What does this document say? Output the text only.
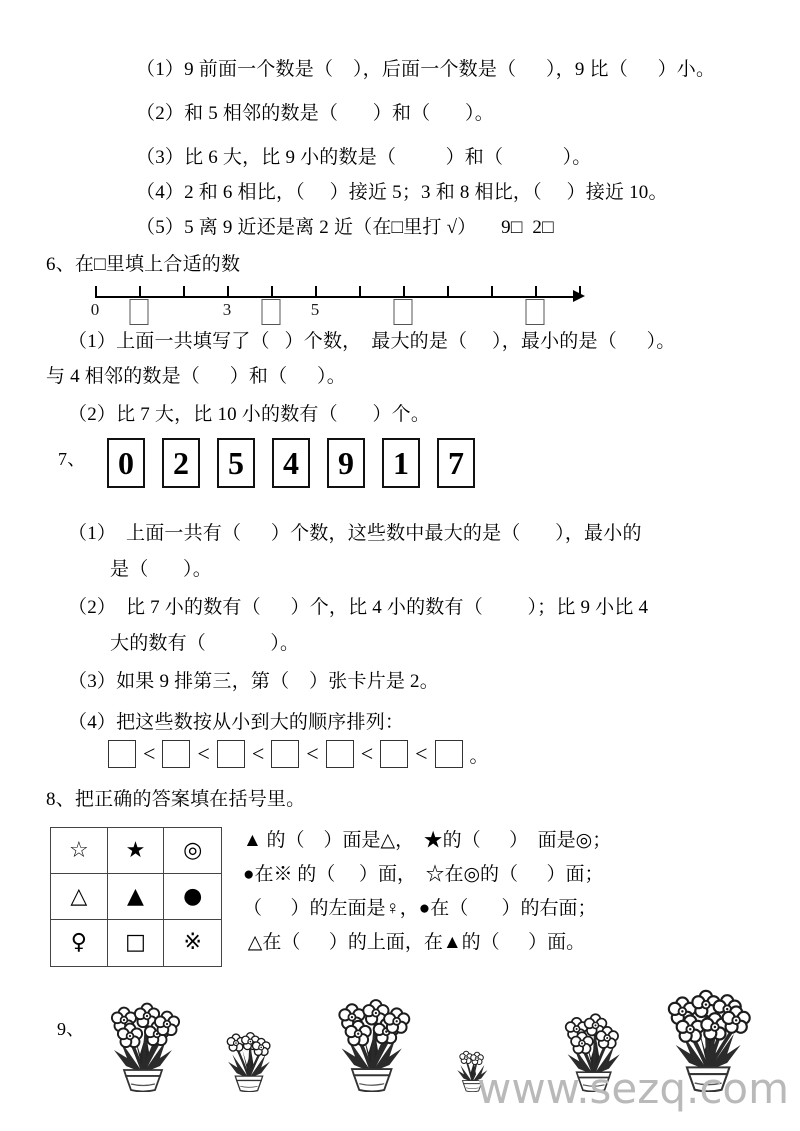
（1）9 前面一个数是（    ），后面一个数是（      ），9 比（      ）小。
（2）和 5 相邻的数是（       ）和（       ）。
（3）比 6 大，比 9 小的数是（          ）和（            ）。
（4）2 和 6 相比，（     ）接近 5；3 和 8 相比，（     ）接近 10。
（5）5 离 9 近还是离 2 近（在□里打 √）     9□  2□
6、在□里填上合适的数
0	3	5
（1）上面一共填写了（   ）个数，  最大的是（     ），最小的是（      ）。
与 4 相邻的数是（      ）和（      ）。
（2）比 7 大，比 10 小的数有（       ）个。
7、	0	2	5	4	9	1	7
（1）  上面一共有（      ）个数，这些数中最大的是（       ），最小的
是（       ）。
（2）  比 7 小的数有（      ）个，比 4 小的数有（         ）；比 9 小比 4
大的数有（             ）。
（3）如果 9 排第三，第（    ）张卡片是 2。
（4）把这些数按从小到大的顺序排列：
<	<	<	<	<	<	。
8、把正确的答案填在括号里。
☆	★	◎
△	▲	●
♀	□	※
▲ 的（    ）面是△，  ★的（      ）  面是◎；
●在※ 的（     ）面，  ☆在◎的（      ）面；
（      ）的左面是♀，●在（       ）的右面；
△在（      ）的上面，在▲的（      ）面。
9、
www.sezq.com
